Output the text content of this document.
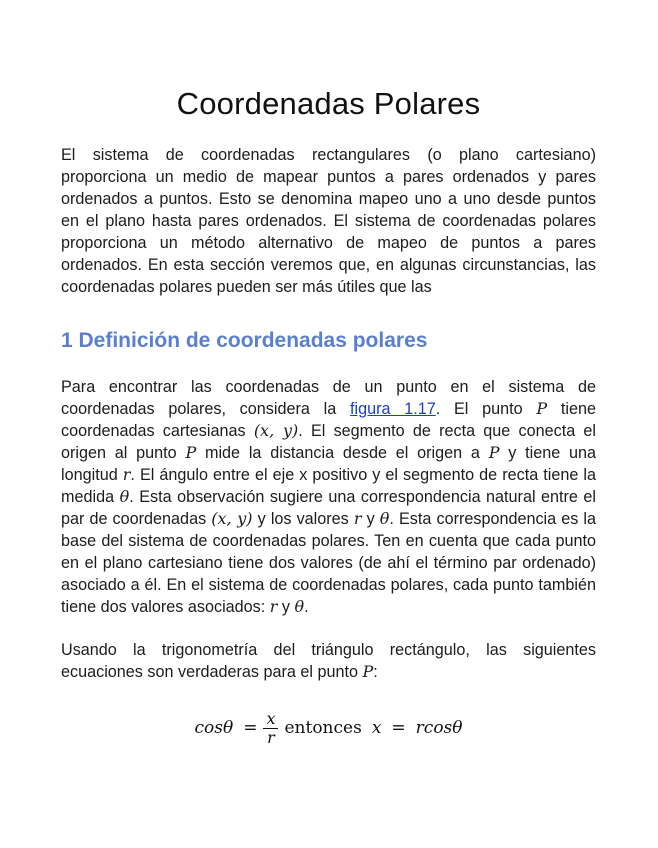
Coordenadas Polares

El sistema de coordenadas rectangulares (o plano cartesiano) proporciona un medio de mapear puntos a pares ordenados y pares ordenados a puntos. Esto se denomina mapeo uno a uno desde puntos en el plano hasta pares ordenados. El sistema de coordenadas polares proporciona un método alternativo de mapeo de puntos a pares ordenados. En esta sección veremos que, en algunas circunstancias, las coordenadas polares pueden ser más útiles que las

1 Definición de coordenadas polares

Para encontrar las coordenadas de un punto en el sistema de coordenadas polares, considera la figura 1.17. El punto P tiene coordenadas cartesianas (x, y). El segmento de recta que conecta el origen al punto P mide la distancia desde el origen a P y tiene una longitud r. El ángulo entre el eje x positivo y el segmento de recta tiene la medida θ. Esta observación sugiere una correspondencia natural entre el par de coordenadas (x, y) y los valores r y θ. Esta correspondencia es la base del sistema de coordenadas polares. Ten en cuenta que cada punto en el plano cartesiano tiene dos valores (de ahí el término par ordenado) asociado a él. En el sistema de coordenadas polares, cada punto también tiene dos valores asociados: r y θ.

Usando la trigonometría del triángulo rectángulo, las siguientes ecuaciones son verdaderas para el punto P:

$\cos\theta = \frac{x}{r}$ entonces x = rcosθ
